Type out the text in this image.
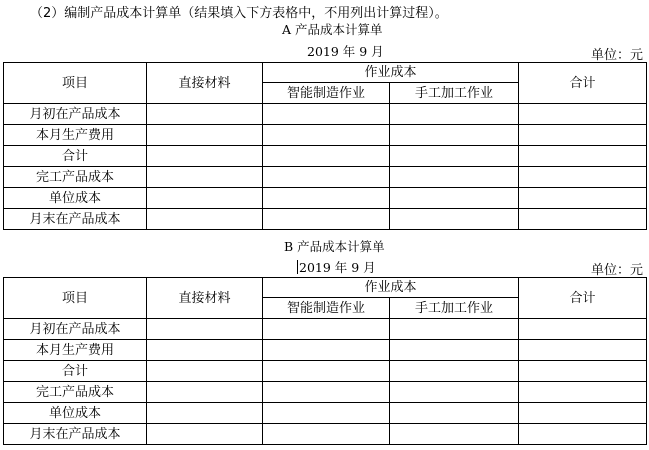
（2）编制产品成本计算单（结果填入下方表格中，不用列出计算过程）。
A 产品成本计算单
2019 年 9 月	单位：元
项目	直接材料	作业成本		合计
		智能制造作业	手工加工作业	
月初在产品成本				
本月生产费用				
合计				
完工产品成本				
单位成本				
月末在产品成本				
B 产品成本计算单
2019 年 9 月	单位：元
项目	直接材料	作业成本		合计
		智能制造作业	手工加工作业	
月初在产品成本				
本月生产费用				
合计				
完工产品成本				
单位成本				
月末在产品成本				
